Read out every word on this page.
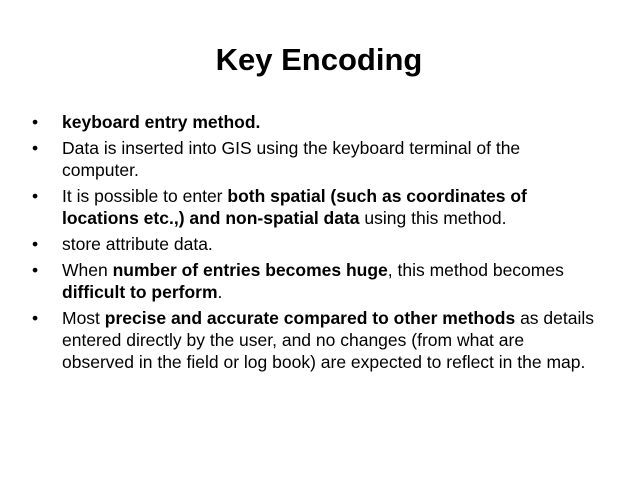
Key Encoding
•	keyboard entry method.
•	Data is inserted into GIS using the keyboard terminal of the computer.
•	It is possible to enter both spatial (such as coordinates of locations etc.,) and non-spatial data using this method.
•	store attribute data.
•	When number of entries becomes huge, this method becomes difficult to perform.
•	Most precise and accurate compared to other methods as details entered directly by the user, and no changes (from what are observed in the field or log book) are expected to reflect in the map.
